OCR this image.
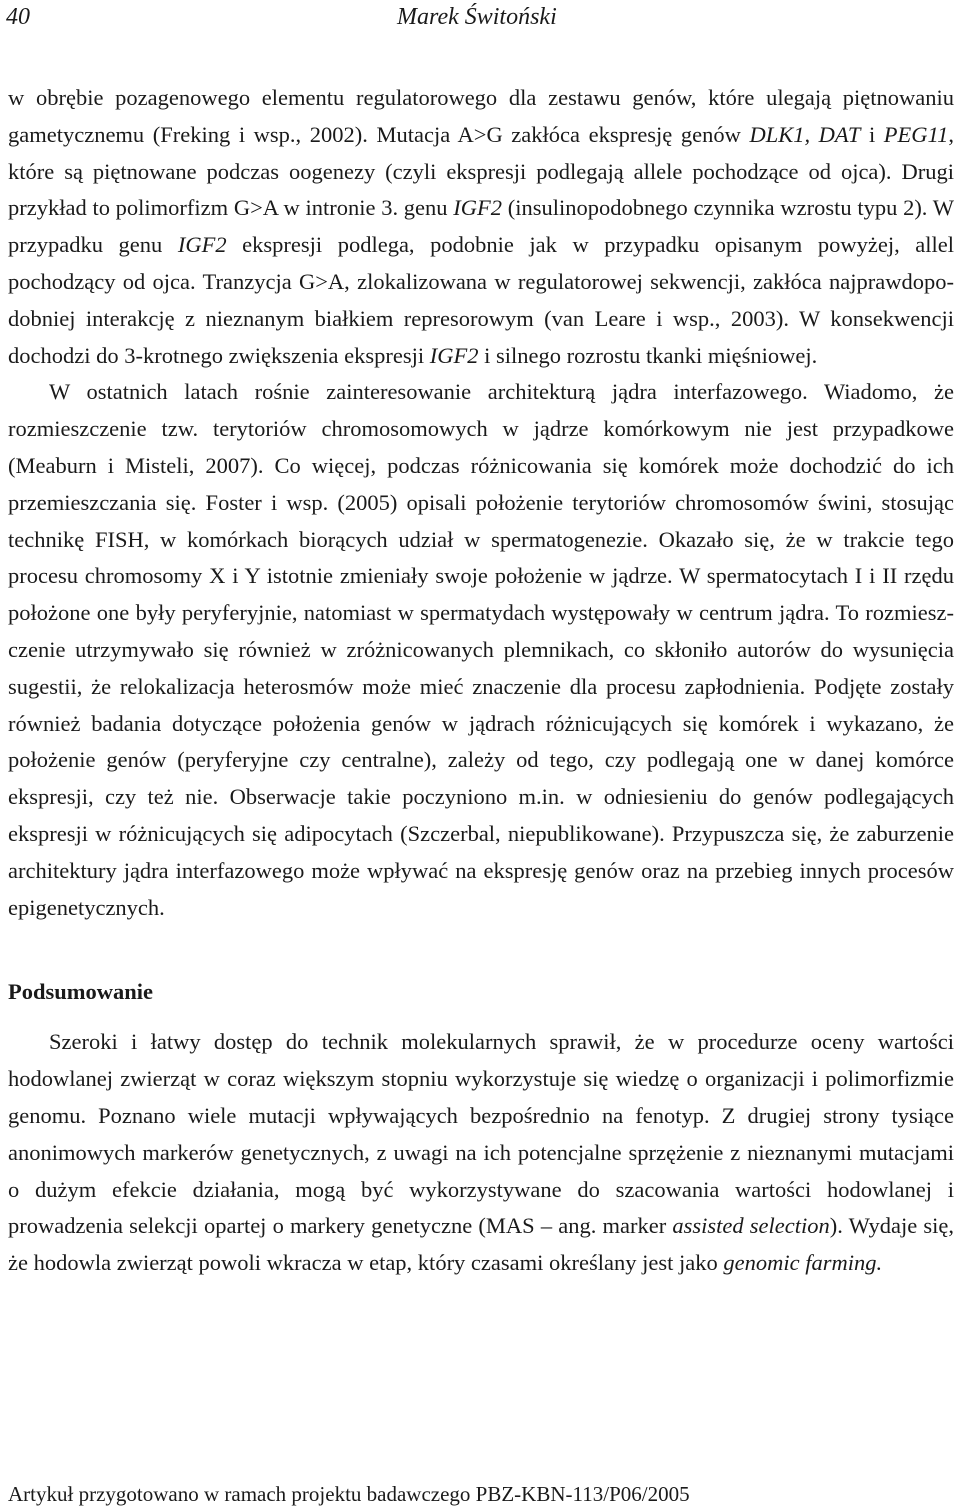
40	Marek Świtoński

w obrębie pozagenowego elementu regulatorowego dla zestawu genów, które ulegają piętnowaniu gametycznemu (Freking i wsp., 2002). Mutacja A>G zakłóca ekspresję genów DLK1, DAT i PEG11, które są piętnowane podczas oogenezy (czyli ekspresji podlegają allele pochodzące od ojca). Drugi przykład to polimorfizm G>A w intronie 3. genu IGF2 (insulinopodobnego czynnika wzrostu typu 2). W przypadku genu IGF2 ekspresji podlega, podobnie jak w przypadku opisanym powyżej, allel pochodzący od ojca. Tranzycja G>A, zlokalizowana w regulatorowej sekwencji, zakłóca najprawdopodobniej interakcję z nieznanym białkiem represorowym (van Leare i wsp., 2003). W konsekwencji dochodzi do 3-krotnego zwiększenia ekspresji IGF2 i silnego rozrostu tkanki mięśniowej.

W ostatnich latach rośnie zainteresowanie architekturą jądra interfazowego. Wiadomo, że rozmieszczenie tzw. terytoriów chromosomowych w jądrze komórkowym nie jest przypadkowe (Meaburn i Misteli, 2007). Co więcej, podczas różnicowania się komórek może dochodzić do ich przemieszczania się. Foster i wsp. (2005) opisali położenie terytoriów chromosomów świni, stosując technikę FISH, w komórkach biorących udział w spermatogenezie. Okazało się, że w trakcie tego procesu chromosomy X i Y istotnie zmieniały swoje położenie w jądrze. W spermatocytach I i II rzędu położone one były peryferyjnie, natomiast w spermatydach występowały w centrum jądra. To rozmieszczenie utrzymywało się również w zróżnicowanych plemnikach, co skłoniło autorów do wysunięcia sugestii, że relokalizacja heterosmów może mieć znaczenie dla procesu zapłodnienia. Podjęte zostały również badania dotyczące położenia genów w jądrach różnicujących się komórek i wykazano, że położenie genów (peryferyjne czy centralne), zależy od tego, czy podlegają one w danej komórce ekspresji, czy też nie. Obserwacje takie poczyniono m.in. w odniesieniu do genów podlegających ekspresji w różnicujących się adipocytach (Szczerbal, niepublikowane). Przypuszcza się, że zaburzenie architektury jądra interfazowego może wpływać na ekspresję genów oraz na przebieg innych procesów epigenetycznych.

Podsumowanie

Szeroki i łatwy dostęp do technik molekularnych sprawił, że w procedurze oceny wartości hodowlanej zwierząt w coraz większym stopniu wykorzystuje się wiedzę o organizacji i polimorfizmie genomu. Poznano wiele mutacji wpływających bezpośrednio na fenotyp. Z drugiej strony tysiące anonimowych markerów genetycznych, z uwagi na ich potencjalne sprzężenie z nieznanymi mutacjami o dużym efekcie działania, mogą być wykorzystywane do szacowania wartości hodowlanej i prowadzenia selekcji opartej o markery genetyczne (MAS – ang. marker assisted selection). Wydaje się, że hodowla zwierząt powoli wkracza w etap, który czasami określany jest jako genomic farming.

Artykuł przygotowano w ramach projektu badawczego PBZ-KBN-113/P06/2005
